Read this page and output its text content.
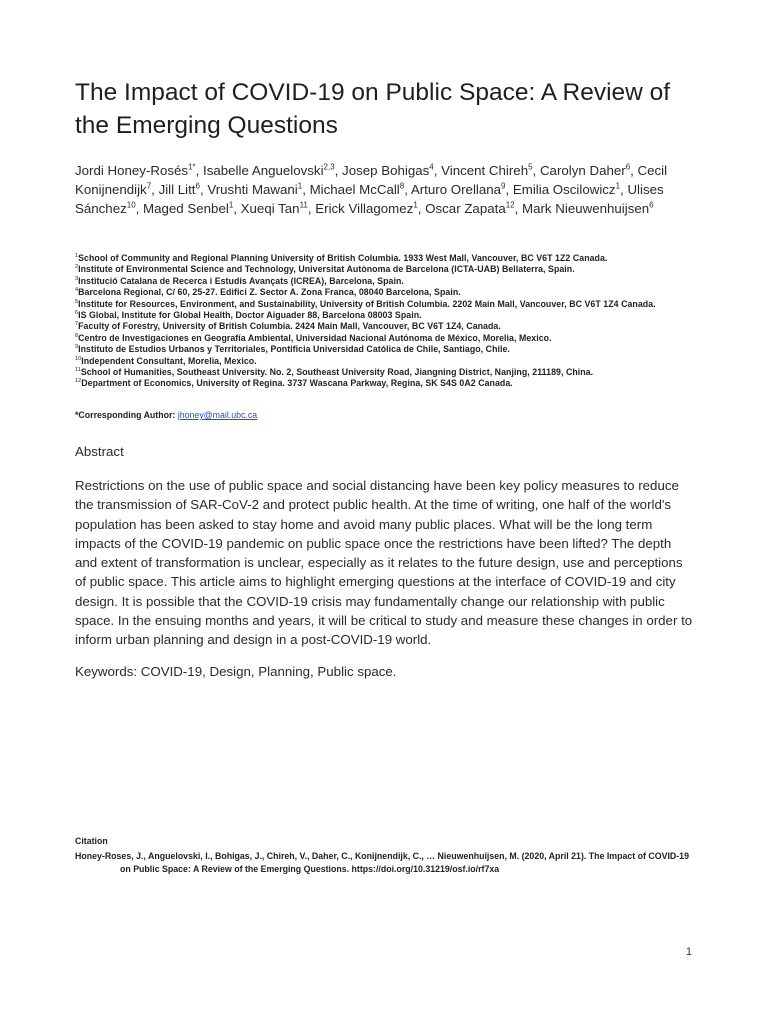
The Impact of COVID-19 on Public Space: A Review of the Emerging Questions
Jordi Honey-Rosés$^{1*}$, Isabelle Anguelovski$^{2,3}$, Josep Bohigas$^4$, Vincent Chireh$^5$, Carolyn Daher$^6$, Cecil Konijnendijk$^7$, Jill Litt$^6$, Vrushti Mawani$^1$, Michael McCall$^8$, Arturo Orellana$^9$, Emilia Oscilowicz$^1$, Ulises Sánchez$^{10}$, Maged Senbel$^1$, Xueqi Tan$^{11}$, Erick Villagomez$^1$, Oscar Zapata$^{12}$, Mark Nieuwenhuijsen$^6$
$^1$School of Community and Regional Planning University of British Columbia. 1933 West Mall, Vancouver, BC V6T 1Z2 Canada.
$^2$Institute of Environmental Science and Technology, Universitat Autònoma de Barcelona (ICTA-UAB) Bellaterra, Spain.
$^3$Institució Catalana de Recerca i Estudis Avançats (ICREA), Barcelona, Spain.
$^4$Barcelona Regional, C/ 60, 25-27. Edifici Z. Sector A. Zona Franca, 08040 Barcelona, Spain.
$^5$Institute for Resources, Environment, and Sustainability, University of British Columbia. 2202 Main Mall, Vancouver, BC V6T 1Z4 Canada.
$^6$IS Global, Institute for Global Health, Doctor Aiguader 88, Barcelona 08003 Spain.
$^7$Faculty of Forestry, University of British Columbia. 2424 Main Mall, Vancouver, BC V6T 1Z4, Canada.
$^8$Centro de Investigaciones en Geografía Ambiental, Universidad Nacional Autónoma de México, Morelia, Mexico.
$^9$Instituto de Estudios Urbanos y Territoriales, Pontificia Universidad Católica de Chile, Santiago, Chile.
$^{10}$Independent Consultant, Morelia, Mexico.
$^{11}$School of Humanities, Southeast University. No. 2, Southeast University Road, Jiangning District, Nanjing, 211189, China.
$^{12}$Department of Economics, University of Regina. 3737 Wascana Parkway, Regina, SK S4S 0A2 Canada.
*Corresponding Author: jhoney@mail.ubc.ca
Abstract

Restrictions on the use of public space and social distancing have been key policy measures to reduce the transmission of SAR-CoV-2 and protect public health. At the time of writing, one half of the world's population has been asked to stay home and avoid many public places. What will be the long term impacts of the COVID-19 pandemic on public space once the restrictions have been lifted? The depth and extent of transformation is unclear, especially as it relates to the future design, use and perceptions of public space. This article aims to highlight emerging questions at the interface of COVID-19 and city design. It is possible that the COVID-19 crisis may fundamentally change our relationship with public space. In the ensuing months and years, it will be critical to study and measure these changes in order to inform urban planning and design in a post-COVID-19 world.

Keywords: COVID-19, Design, Planning, Public space.
Citation
Honey-Roses, J., Anguelovski, I., Bohigas, J., Chireh, V., Daher, C., Konijnendijk, C., … Nieuwenhuijsen, M. (2020, April 21). The Impact of COVID-19 on Public Space: A Review of the Emerging Questions. https://doi.org/10.31219/osf.io/rf7xa
1
